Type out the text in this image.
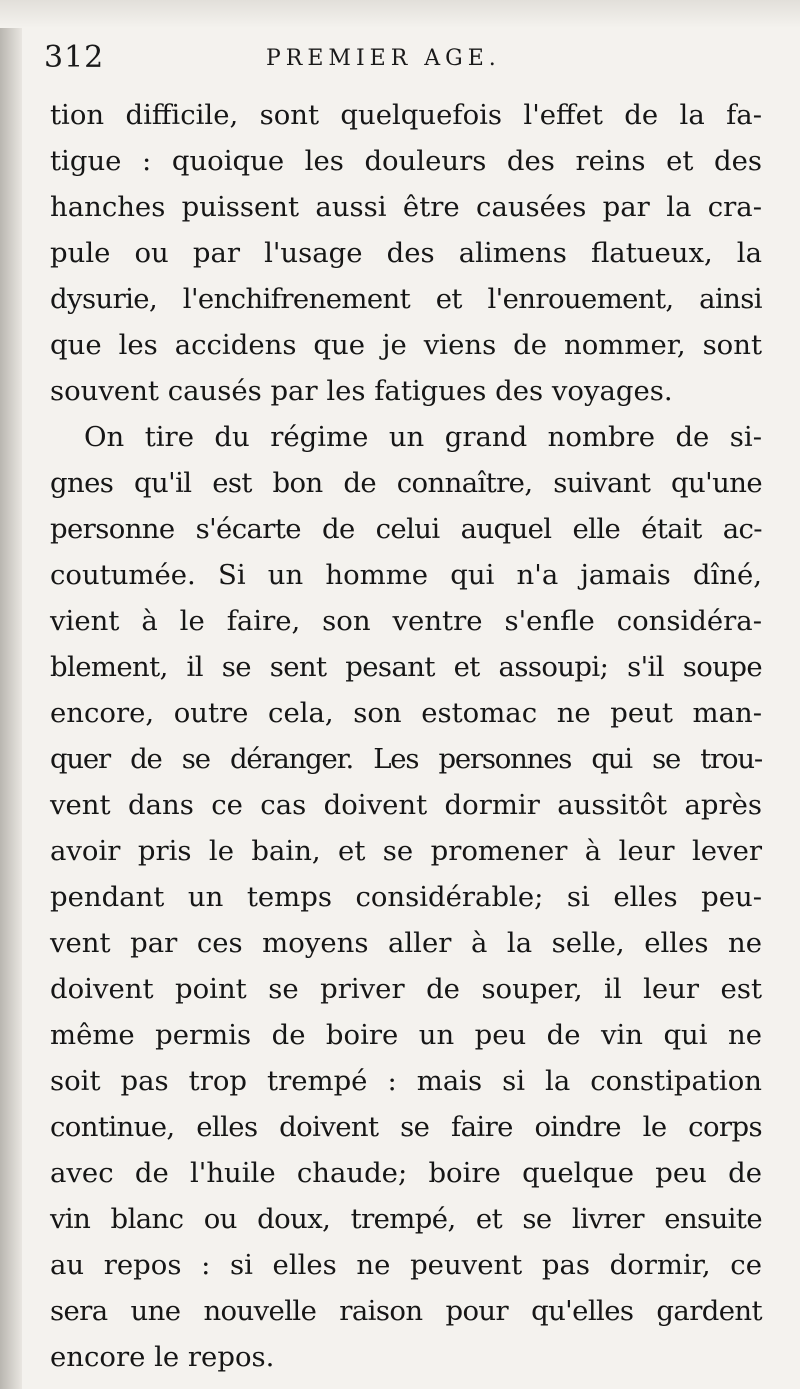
312	PREMIER AGE.
tion difficile, sont quelquefois l'effet de la fa-
tigue : quoique les douleurs des reins et des
hanches puissent aussi être causées par la cra-
pule ou par l'usage des alimens flatueux, la
dysurie, l'enchifrenement et l'enrouement, ainsi
que les accidens que je viens de nommer, sont
souvent causés par les fatigues des voyages.
On tire du régime un grand nombre de si-
gnes qu'il est bon de connaître, suivant qu'une
personne s'écarte de celui auquel elle était ac-
coutumée. Si un homme qui n'a jamais dîné,
vient à le faire, son ventre s'enfle considéra-
blement, il se sent pesant et assoupi; s'il soupe
encore, outre cela, son estomac ne peut man-
quer de se déranger. Les personnes qui se trou-
vent dans ce cas doivent dormir aussitôt après
avoir pris le bain, et se promener à leur lever
pendant un temps considérable; si elles peu-
vent par ces moyens aller à la selle, elles ne
doivent point se priver de souper, il leur est
même permis de boire un peu de vin qui ne
soit pas trop trempé : mais si la constipation
continue, elles doivent se faire oindre le corps
avec de l'huile chaude; boire quelque peu de
vin blanc ou doux, trempé, et se livrer ensuite
au repos : si elles ne peuvent pas dormir, ce
sera une nouvelle raison pour qu'elles gardent
encore le repos.
